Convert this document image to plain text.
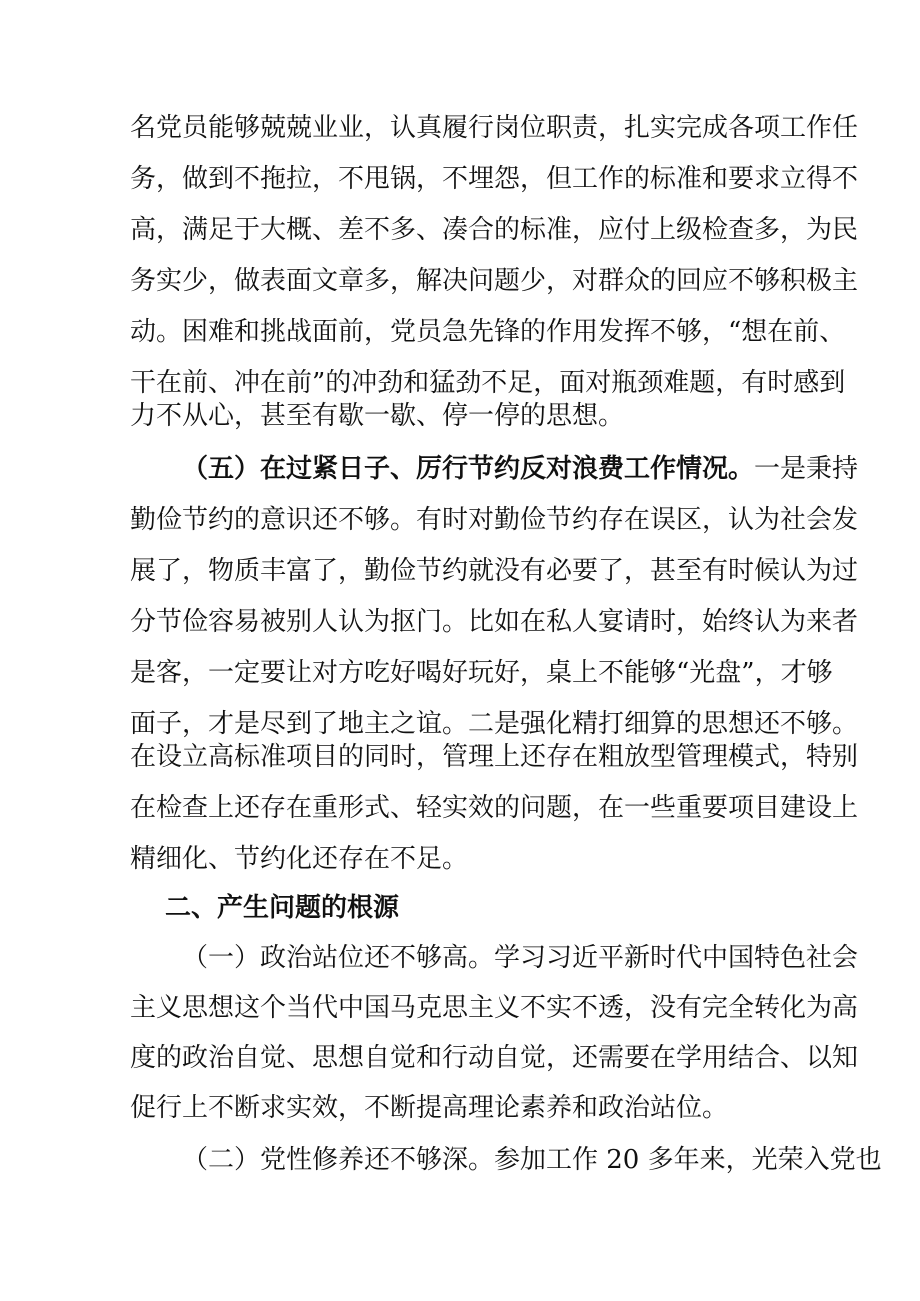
名党员能够兢兢业业，认真履行岗位职责，扎实完成各项工作任
务，做到不拖拉，不甩锅，不埋怨，但工作的标准和要求立得不
高，满足于大概、差不多、凑合的标准，应付上级检查多，为民
务实少，做表面文章多，解决问题少，对群众的回应不够积极主
动。困难和挑战面前，党员急先锋的作用发挥不够，“想在前、
干在前、冲在前”的冲劲和猛劲不足，面对瓶颈难题，有时感到
力不从心，甚至有歇一歇、停一停的思想。
（五）在过紧日子、厉行节约反对浪费工作情况。一是秉持
勤俭节约的意识还不够。有时对勤俭节约存在误区，认为社会发
展了，物质丰富了，勤俭节约就没有必要了，甚至有时候认为过
分节俭容易被别人认为抠门。比如在私人宴请时，始终认为来者
是客，一定要让对方吃好喝好玩好，桌上不能够“光盘”，才够
面子，才是尽到了地主之谊。二是强化精打细算的思想还不够。
在设立高标准项目的同时，管理上还存在粗放型管理模式，特别
在检查上还存在重形式、轻实效的问题，在一些重要项目建设上
精细化、节约化还存在不足。
二、产生问题的根源
（一）政治站位还不够高。学习习近平新时代中国特色社会
主义思想这个当代中国马克思主义不实不透，没有完全转化为高
度的政治自觉、思想自觉和行动自觉，还需要在学用结合、以知
促行上不断求实效，不断提高理论素养和政治站位。
（二）党性修养还不够深。参加工作 20 多年来，光荣入党也
